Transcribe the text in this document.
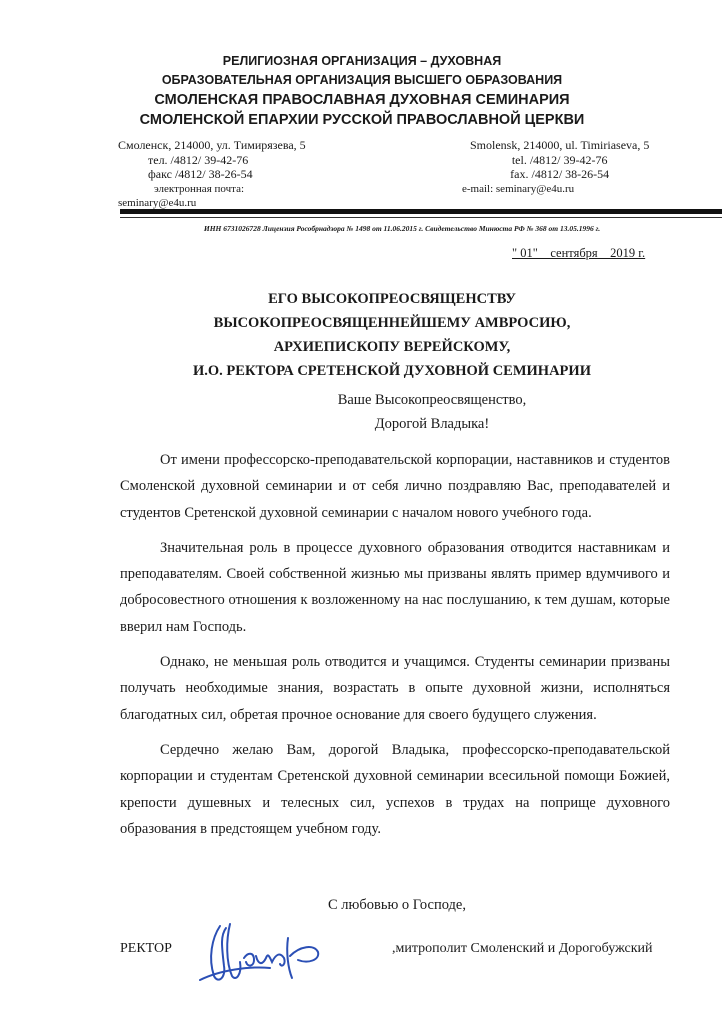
РЕЛИГИОЗНАЯ ОРГАНИЗАЦИЯ – ДУХОВНАЯ
ОБРАЗОВАТЕЛЬНАЯ ОРГАНИЗАЦИЯ ВЫСШЕГО ОБРАЗОВАНИЯ
СМОЛЕНСКАЯ ПРАВОСЛАВНАЯ ДУХОВНАЯ СЕМИНАРИЯ
СМОЛЕНСКОЙ ЕПАРХИИ РУССКОЙ ПРАВОСЛАВНОЙ ЦЕРКВИ
Смоленск, 214000, ул. Тимирязева, 5
тел. /4812/ 39-42-76
факс /4812/ 38-26-54
электронная почта:
seminary@e4u.ru
Smolensk, 214000, ul. Timiriaseva, 5
tel. /4812/ 39-42-76
fax. /4812/ 38-26-54
e-mail: seminary@e4u.ru
ИНН 6731026728 Лицензия Рособрнадзора № 1498 от 11.06.2015 г. Свидетельство Минюста РФ № 368 от 13.05.1996 г.
" 01"    сентября    2019 г.
ЕГО ВЫСОКОПРЕОСВЯЩЕНСТВУ
ВЫСОКОПРЕОСВЯЩЕННЕЙШЕМУ АМВРОСИЮ,
АРХИЕПИСКОПУ ВЕРЕЙСКОМУ,
И.О. РЕКТОРА СРЕТЕНСКОЙ ДУХОВНОЙ СЕМИНАРИИ
Ваше Высокопреосвященство,
Дорогой Владыка!

От имени профессорско-преподавательской корпорации, наставников и студентов Смоленской духовной семинарии и от себя лично поздравляю Вас, преподавателей и студентов Сретенской духовной семинарии с началом нового учебного года.

Значительная роль в процессе духовного образования отводится наставникам и преподавателям. Своей собственной жизнью мы призваны являть пример вдумчивого и добросовестного отношения к возложенному на нас послушанию, к тем душам, которые вверил нам Господь.

Однако, не меньшая роль отводится и учащимся. Студенты семинарии призваны получать необходимые знания, возрастать в опыте духовной жизни, исполняться благодатных сил, обретая прочное основание для своего будущего служения.

Сердечно желаю Вам, дорогой Владыка, профессорско-преподавательской корпорации и студентам Сретенской духовной семинарии всесильной помощи Божией, крепости душевных и телесных сил, успехов в трудах на поприще духовного образования в предстоящем учебном году.

С любовью о Господе,
РЕКТОР	,митрополит Смоленский и Дорогобужский
